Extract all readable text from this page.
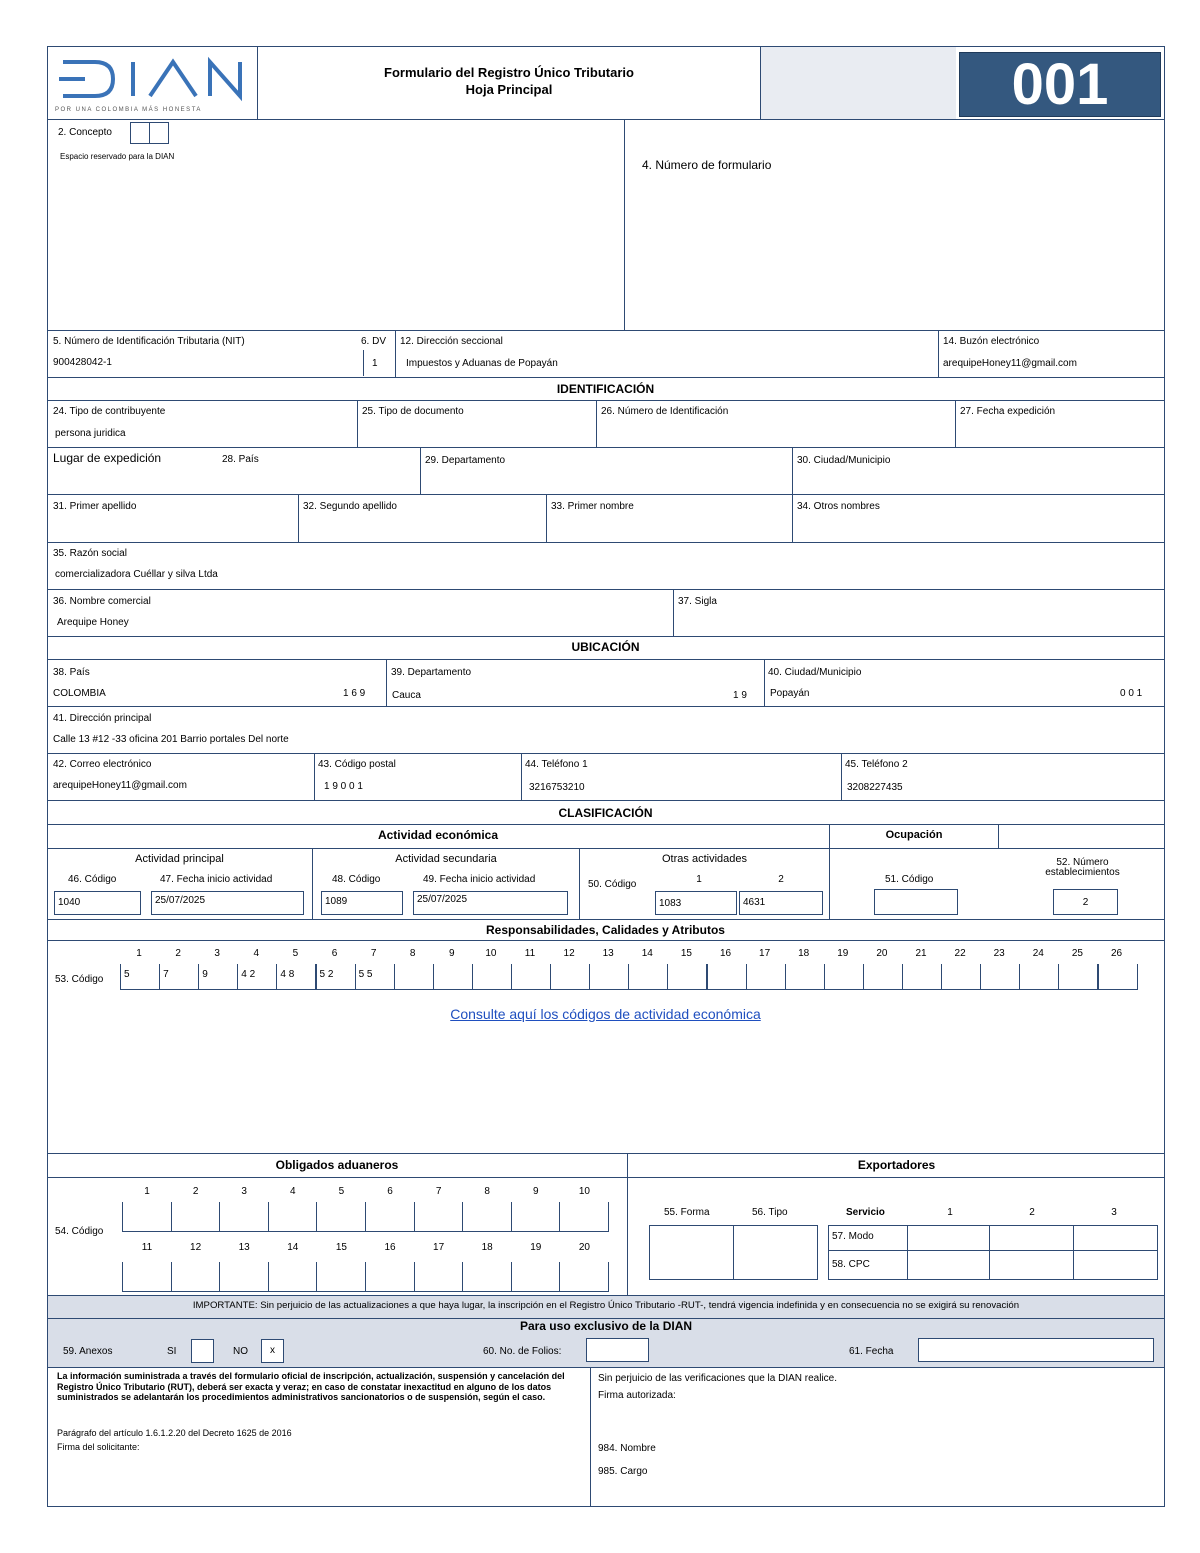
POR UNA COLOMBIA MÁS HONESTA
Formulario del Registro Único Tributario
Hoja Principal	001
2. Concepto
Espacio reservado para la DIAN
4. Número de formulario
5. Número de Identificación Tributaria (NIT)
900428042-1
6. DV
1
12. Dirección seccional
Impuestos y Aduanas de Popayán
14. Buzón electrónico
arequipeHoney11@gmail.com
IDENTIFICACIÓN
24. Tipo de contribuyente
persona juridica
25. Tipo de documento	26. Número de Identificación	27. Fecha expedición
Lugar de expedición	28. País	29. Departamento	30. Ciudad/Municipio
31. Primer apellido	32. Segundo apellido	33. Primer nombre	34. Otros nombres
35. Razón social
comercializadora Cuéllar y silva Ltda
36. Nombre comercial
Arequipe Honey
37. Sigla
UBICACIÓN
38. País
COLOMBIA	1 6 9
39. Departamento
Cauca	1 9
40. Ciudad/Municipio
Popayán	0 0 1
41. Dirección principal
Calle 13 #12 -33 oficina 201 Barrio portales Del norte
42. Correo electrónico
arequipeHoney11@gmail.com
43. Código postal
1 9 0 0 1
44. Teléfono 1
3216753210
45. Teléfono 2
3208227435
CLASIFICACIÓN
Actividad económica	Ocupación
Actividad principal	Actividad secundaria	Otras actividades
46. Código	47. Fecha inicio actividad
1040	25/07/2025
48. Código	49. Fecha inicio actividad
1089	25/07/2025
50. Código	1	2
1083	4631
51. Código
52. Número
establecimientos
2
Responsabilidades, Calidades y Atributos
53. Código
1
5
2
7
3
9
4
4 2
5
4 8
6
5 2
7
5 5
8	9	10	11	12	13	14	15	16	17	18	19	20	21	22	23	24	25	26
Consulte aquí los códigos de actividad económica
Obligados aduaneros	Exportadores
54. Código
1	2	3	4	5	6	7	8	9	10
11	12	13	14	15	16	17	18	19	20
55. Forma	56. Tipo	Servicio	1	2	3
57. Modo
58. CPC
IMPORTANTE: Sin perjuicio de las actualizaciones a que haya lugar, la inscripción en el Registro Único Tributario -RUT-, tendrá vigencia indefinida y en consecuencia no se exigirá su renovación
Para uso exclusivo de la DIAN
59. Anexos	SI	NO	x	60. No. de Folios:	61. Fecha
La información suministrada a través del formulario oficial de inscripción, actualización, suspensión y cancelación del Registro Único Tributario (RUT), deberá ser exacta y veraz; en caso de constatar inexactitud en alguno de los datos suministrados se adelantarán los procedimientos administrativos sancionatorios o de suspensión, según el caso.
Parágrafo del artículo 1.6.1.2.20 del Decreto 1625 de 2016
Firma del solicitante:
Sin perjuicio de las verificaciones que la DIAN realice.
Firma autorizada:
984. Nombre
985. Cargo
